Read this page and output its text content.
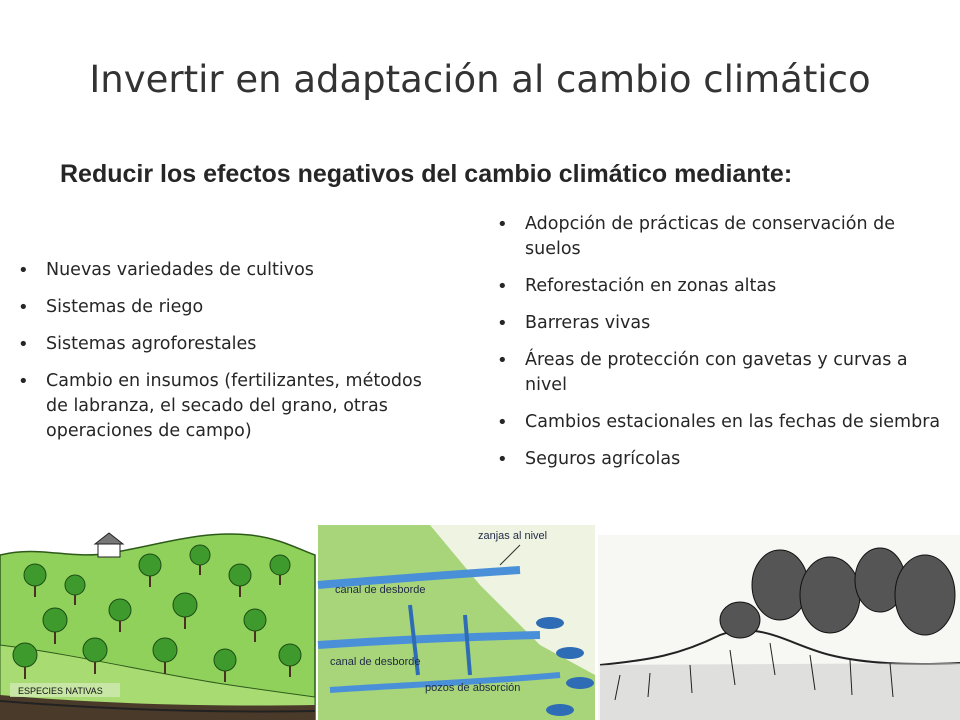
Invertir en adaptación al cambio climático
Reducir los efectos negativos del cambio climático mediante:
• Nuevas variedades de cultivos
• Sistemas de riego
• Sistemas agroforestales
• Cambio en insumos (fertilizantes, métodos de labranza, el secado del grano, otras operaciones de campo)
• Adopción de prácticas de conservación de suelos
• Reforestación en zonas altas
• Barreras vivas
• Áreas de protección con gavetas y curvas a nivel
• Cambios estacionales en las fechas de siembra
• Seguros agrícolas
ESPECIES NATIVAS
zanjas al nivel
canal de desborde
canal de desborde
pozos de absorción
